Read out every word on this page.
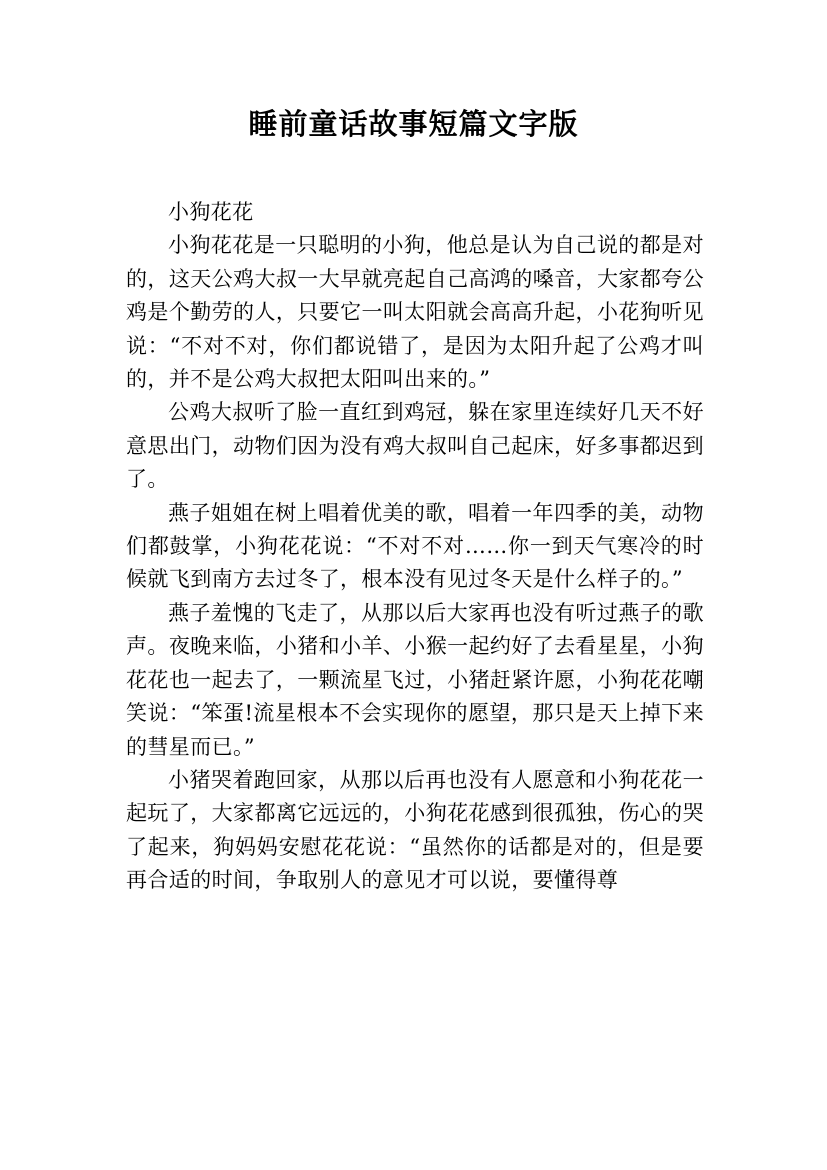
睡前童话故事短篇文字版

小狗花花

小狗花花是一只聪明的小狗，他总是认为自己说的都是对的，这天公鸡大叔一大早就亮起自己高鸿的嗓音，大家都夸公鸡是个勤劳的人，只要它一叫太阳就会高高升起，小花狗听见说：“不对不对，你们都说错了，是因为太阳升起了公鸡才叫的，并不是公鸡大叔把太阳叫出来的。”

公鸡大叔听了脸一直红到鸡冠，躲在家里连续好几天不好意思出门，动物们因为没有鸡大叔叫自己起床，好多事都迟到了。

燕子姐姐在树上唱着优美的歌，唱着一年四季的美，动物们都鼓掌，小狗花花说：“不对不对……你一到天气寒冷的时候就飞到南方去过冬了，根本没有见过冬天是什么样子的。”

燕子羞愧的飞走了，从那以后大家再也没有听过燕子的歌声。夜晚来临，小猪和小羊、小猴一起约好了去看星星，小狗花花也一起去了，一颗流星飞过，小猪赶紧许愿，小狗花花嘲笑说：“笨蛋!流星根本不会实现你的愿望，那只是天上掉下来的彗星而已。”

小猪哭着跑回家，从那以后再也没有人愿意和小狗花花一起玩了，大家都离它远远的，小狗花花感到很孤独，伤心的哭了起来，狗妈妈安慰花花说：“虽然你的话都是对的，但是要再合适的时间，争取别人的意见才可以说，要懂得尊
